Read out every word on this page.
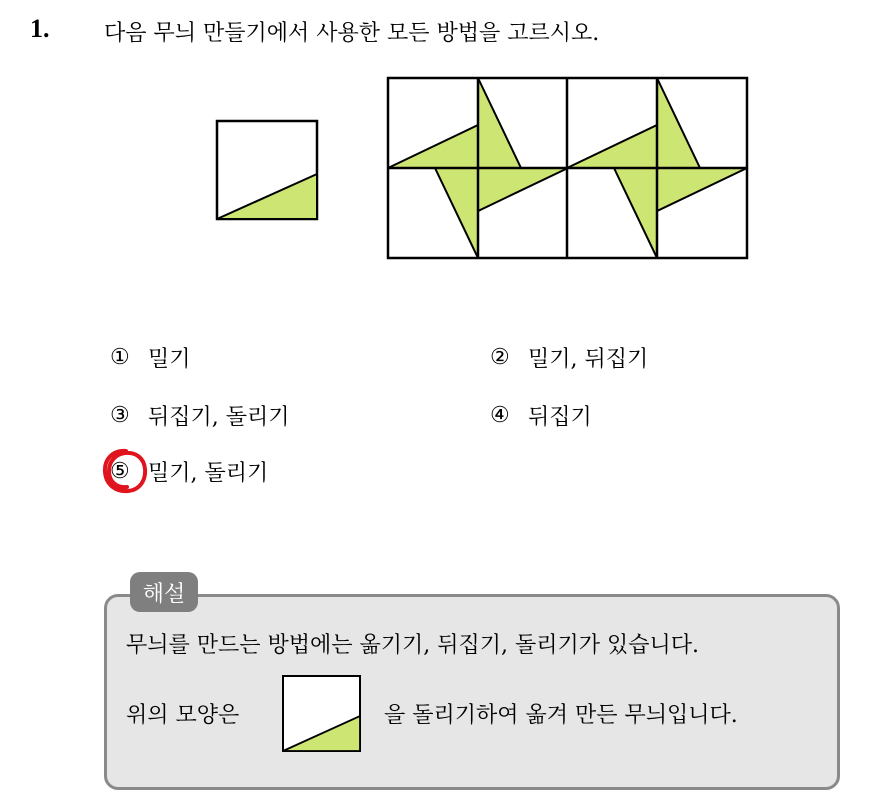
1. 다음 무늬 만들기에서 사용한 모든 방법을 고르시오.
① 밀기	② 밀기, 뒤집기
③ 뒤집기, 돌리기	④ 뒤집기
⑤ 밀기, 돌리기
해설
무늬를 만드는 방법에는 옮기기, 뒤집기, 돌리기가 있습니다.
위의 모양은	을 돌리기하여 옮겨 만든 무늬입니다.
